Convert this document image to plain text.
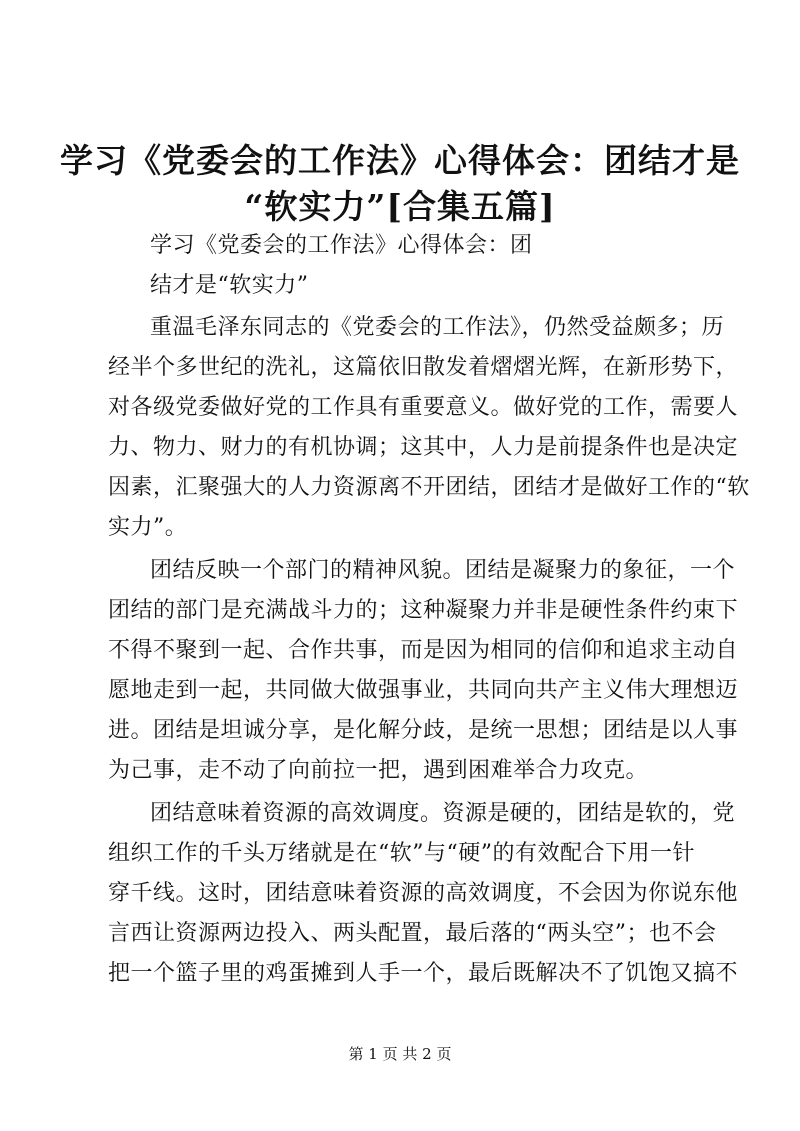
学习《党委会的工作法》心得体会：团结才是
“软实力”[合集五篇]
学习《党委会的工作法》心得体会：团
结才是“软实力”
重温毛泽东同志的《党委会的工作法》，仍然受益颇多；历
经半个多世纪的洗礼，这篇依旧散发着熠熠光辉，在新形势下，
对各级党委做好党的工作具有重要意义。做好党的工作，需要人
力、物力、财力的有机协调；这其中，人力是前提条件也是决定
因素，汇聚强大的人力资源离不开团结，团结才是做好工作的“软
实力”。
团结反映一个部门的精神风貌。团结是凝聚力的象征，一个
团结的部门是充满战斗力的；这种凝聚力并非是硬性条件约束下
不得不聚到一起、合作共事，而是因为相同的信仰和追求主动自
愿地走到一起，共同做大做强事业，共同向共产主义伟大理想迈
进。团结是坦诚分享，是化解分歧，是统一思想；团结是以人事
为己事，走不动了向前拉一把，遇到困难举合力攻克。
团结意味着资源的高效调度。资源是硬的，团结是软的，党
组织工作的千头万绪就是在“软”与“硬”的有效配合下用一针
穿千线。这时，团结意味着资源的高效调度，不会因为你说东他
言西让资源两边投入、两头配置，最后落的“两头空”；也不会
把一个篮子里的鸡蛋摊到人手一个，最后既解决不了饥饱又搞不
第 1 页 共 2 页
